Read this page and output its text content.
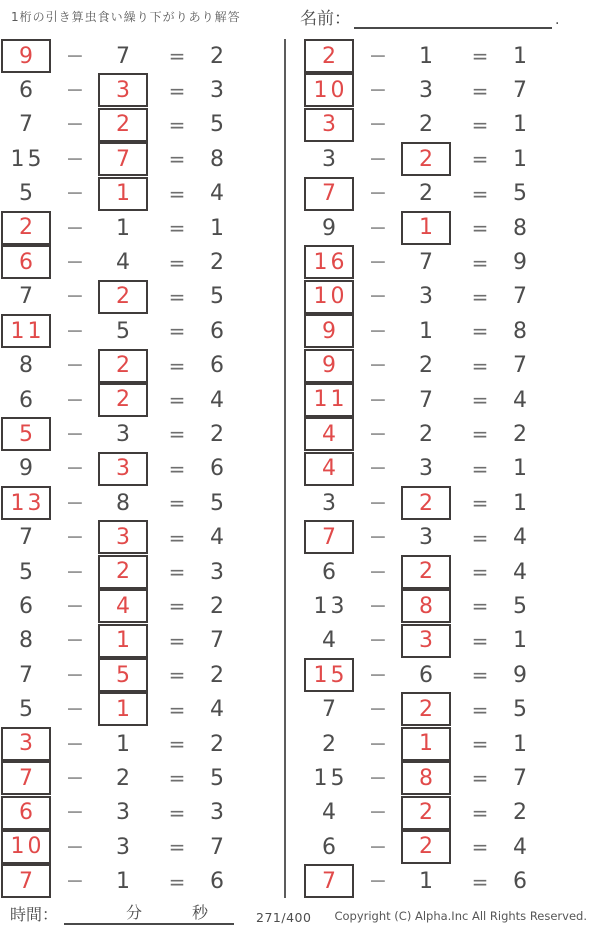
1桁の引き算虫食い繰り下がりあり解答	名前：	.
9	−	7	=	2
6	−	3	=	3
7	−	2	=	5
15 −	7	=	8
5	−	1	=	4
2	−	1	=	1
6	−	4	=	2
7	−	2	=	5
11 −	5	=	6
8	−	2	=	6
6	−	2	=	4
5	−	3	=	2
9	−	3	=	6
13 −	8	=	5
7	−	3	=	4
5	−	2	=	3
6	−	4	=	2
8	−	1	=	7
7	−	5	=	2
5	−	1	=	4
3	−	1	=	2
7	−	2	=	5
6	−	3	=	3
10 −	3	=	7
7	−	1	=	6
2	−	1	=	1
10 −	3	=	7
3	−	2	=	1
3	−	2	=	1
7	−	2	=	5
9	−	1	=	8
16 −	7	=	9
10 −	3	=	7
9	−	1	=	8
9	−	2	=	7
11 −	7	=	4
4	−	2	=	2
4	−	3	=	1
3	−	2	=	1
7	−	3	=	4
6	−	2	=	4
13 −	8	=	5
4	−	3	=	1
15 −	6	=	9
7	−	2	=	5
2	−	1	=	1
15 −	8	=	7
4	−	2	=	2
6	−	2	=	4
7	−	1	=	6
時間：	分	秒	271/400 Copyright (C) Alpha.Inc All Rights Reserved.
